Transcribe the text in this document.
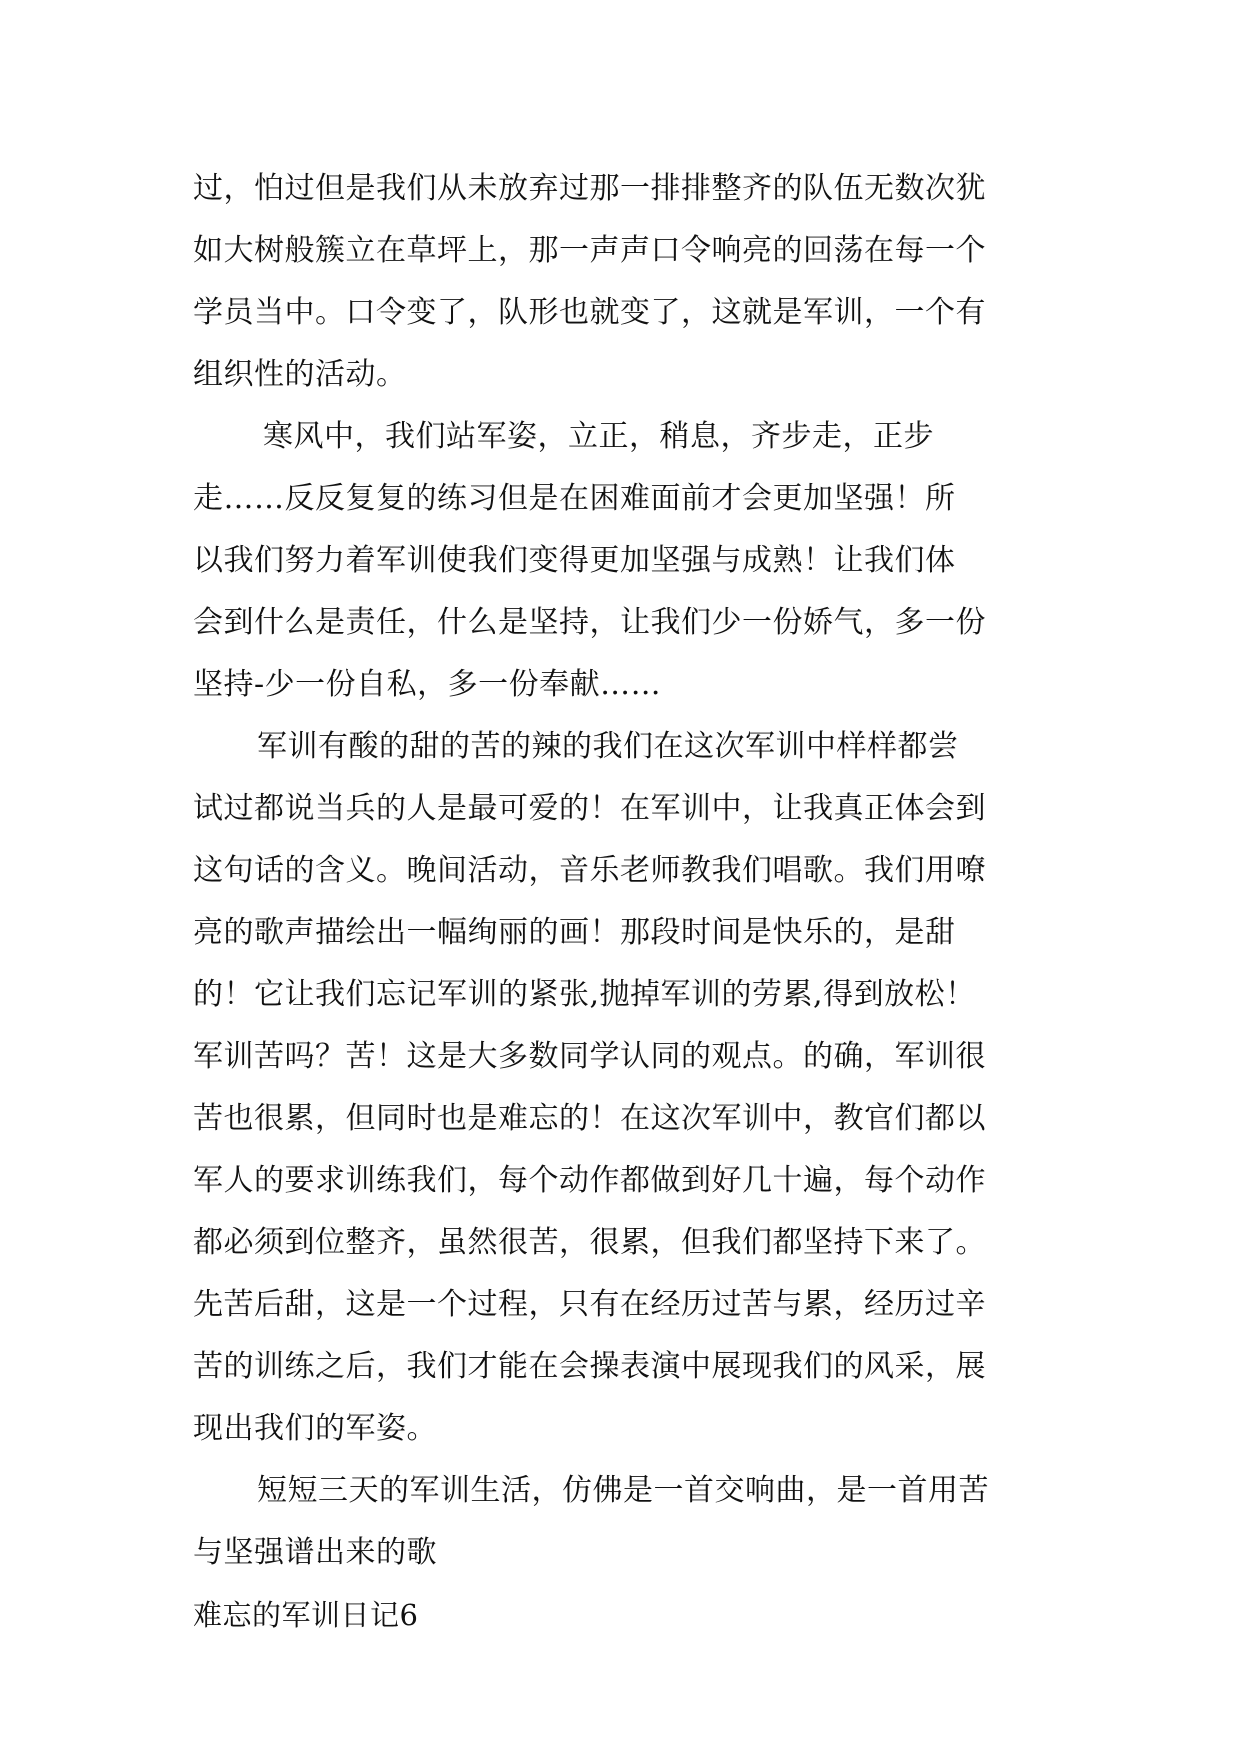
过，怕过但是我们从未放弃过那一排排整齐的队伍无数次犹
如大树般簇立在草坪上，那一声声口令响亮的回荡在每一个
学员当中。口令变了，队形也就变了，这就是军训，一个有
组织性的活动。
寒风中，我们站军姿，立正，稍息，齐步走，正步
走……反反复复的练习但是在困难面前才会更加坚强！所
以我们努力着军训使我们变得更加坚强与成熟！让我们体
会到什么是责任，什么是坚持，让我们少一份娇气，多一份
坚持-少一份自私，多一份奉献……
军训有酸的甜的苦的辣的我们在这次军训中样样都尝
试过都说当兵的人是最可爱的！在军训中，让我真正体会到
这句话的含义。晚间活动，音乐老师教我们唱歌。我们用嘹
亮的歌声描绘出一幅绚丽的画！那段时间是快乐的，是甜
的！它让我们忘记军训的紧张,抛掉军训的劳累,得到放松！
军训苦吗？苦！这是大多数同学认同的观点。的确，军训很
苦也很累，但同时也是难忘的！在这次军训中，教官们都以
军人的要求训练我们，每个动作都做到好几十遍，每个动作
都必须到位整齐，虽然很苦，很累，但我们都坚持下来了。
先苦后甜，这是一个过程，只有在经历过苦与累，经历过辛
苦的训练之后，我们才能在会操表演中展现我们的风采，展
现出我们的军姿。
短短三天的军训生活，仿佛是一首交响曲，是一首用苦
与坚强谱出来的歌
难忘的军训日记6
